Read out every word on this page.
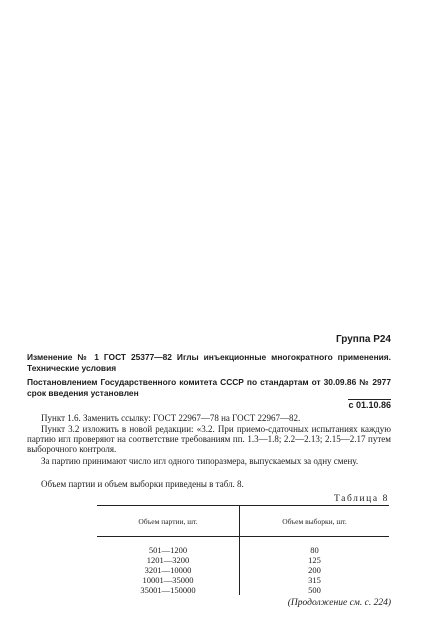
Группа Р24
Изменение № 1 ГОСТ 25377—82 Иглы инъекционные многократного применения. Технические условия
Постановлением Государственного комитета СССР по стандартам от 30.09.86 № 2977 срок введения установлен
с 01.10.86
Пункт 1.6. Заменить ссылку: ГОСТ 22967—78 на ГОСТ 22967—82.
Пункт 3.2 изложить в новой редакции: «3.2. При приемо-сдаточных испытаниях каждую партию игл проверяют на соответствие требованиям пп. 1.3—1.8; 2.2—2.13; 2.15—2.17 путем выборочного контроля.
За партию принимают число игл одного типоразмера, выпускаемых за одну смену.
Объем партии и объем выборки приведены в табл. 8.
Таблица 8
Объем партии, шт.	Объем выборки, шт.
501—1200	80
1201—3200	125
3201—10000	200
10001—35000	315
35001—150000	500
(Продолжение см. с. 224)
